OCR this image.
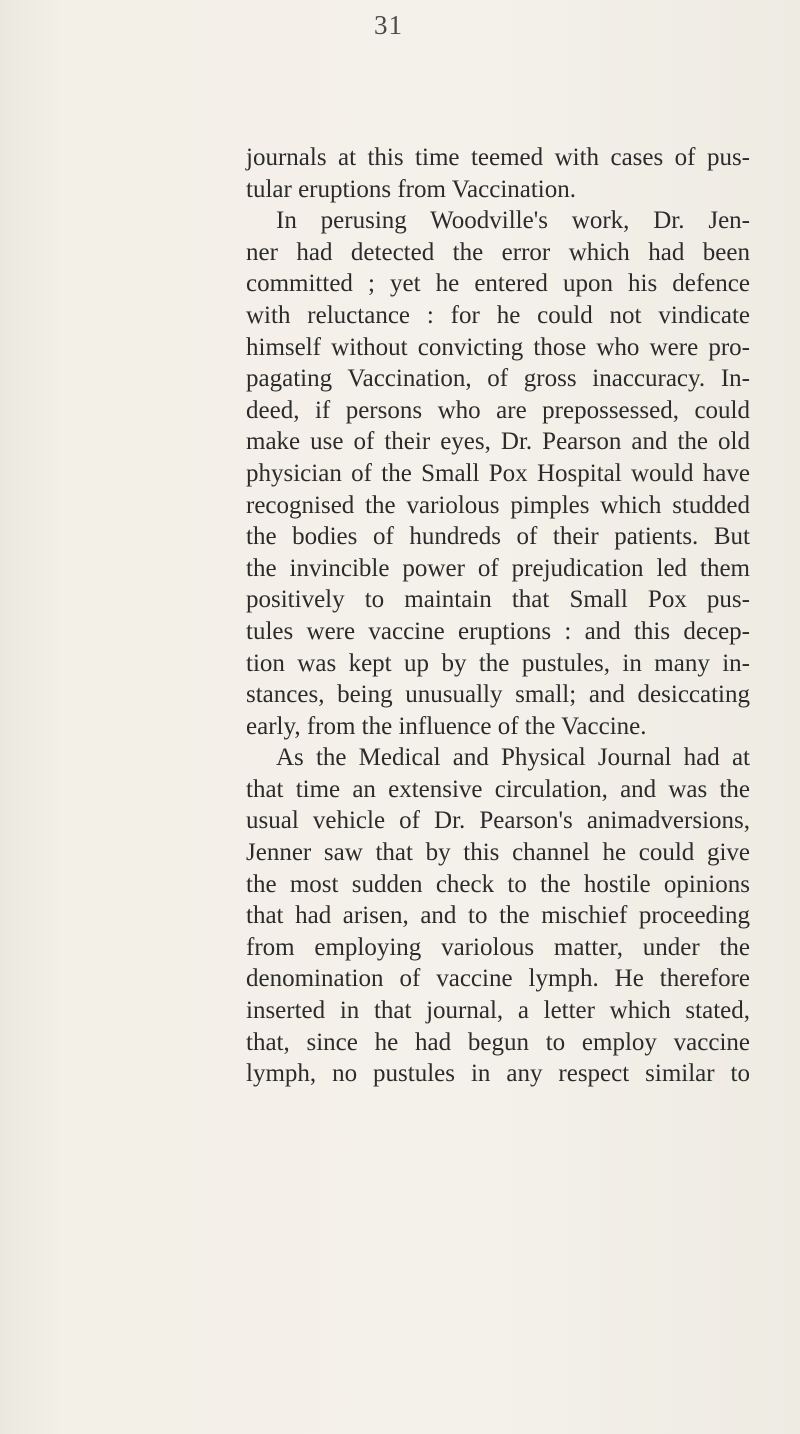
31
journals at this time teemed with cases of pus-
tular eruptions from Vaccination.
In perusing Woodville's work, Dr. Jen-
ner had detected the error which had been
committed ; yet he entered upon his defence
with reluctance : for he could not vindicate
himself without convicting those who were pro-
pagating Vaccination, of gross inaccuracy. In-
deed, if persons who are prepossessed, could
make use of their eyes, Dr. Pearson and the old
physician of the Small Pox Hospital would have
recognised the variolous pimples which studded
the bodies of hundreds of their patients. But
the invincible power of prejudication led them
positively to maintain that Small Pox pus-
tules were vaccine eruptions : and this decep-
tion was kept up by the pustules, in many in-
stances, being unusually small; and desiccating
early, from the influence of the Vaccine.
As the Medical and Physical Journal had at
that time an extensive circulation, and was the
usual vehicle of Dr. Pearson's animadversions,
Jenner saw that by this channel he could give
the most sudden check to the hostile opinions
that had arisen, and to the mischief proceeding
from employing variolous matter, under the
denomination of vaccine lymph. He therefore
inserted in that journal, a letter which stated,
that, since he had begun to employ vaccine
lymph, no pustules in any respect similar to
